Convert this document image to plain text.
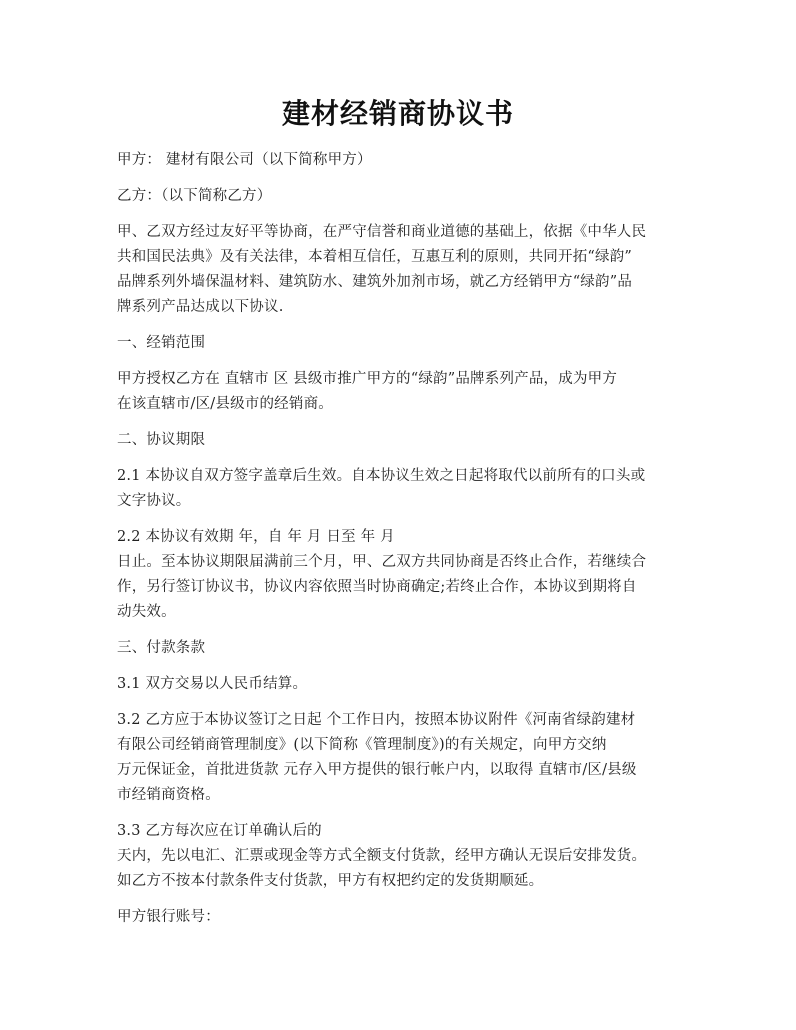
建材经销商协议书

甲方： 建材有限公司（以下简称甲方）

乙方：（以下简称乙方）

甲、乙双方经过友好平等协商，在严守信誉和商业道德的基础上，依据《中华人民
共和国民法典》及有关法律，本着相互信任，互惠互利的原则，共同开拓“绿韵”
品牌系列外墙保温材料、建筑防水、建筑外加剂市场，就乙方经销甲方“绿韵”品
牌系列产品达成以下协议.

一、经销范围

甲方授权乙方在 直辖市 区 县级市推广甲方的“绿韵”品牌系列产品，成为甲方
在该直辖市/区/县级市的经销商。

二、协议期限

2.1 本协议自双方签字盖章后生效。自本协议生效之日起将取代以前所有的口头或
文字协议。

2.2 本协议有效期 年，自 年 月 日至 年 月
日止。至本协议期限届满前三个月，甲、乙双方共同协商是否终止合作，若继续合
作，另行签订协议书，协议内容依照当时协商确定;若终止合作，本协议到期将自
动失效。

三、付款条款

3.1 双方交易以人民币结算。

3.2 乙方应于本协议签订之日起 个工作日内，按照本协议附件《河南省绿韵建材
有限公司经销商管理制度》(以下简称《管理制度》)的有关规定，向甲方交纳
万元保证金，首批进货款 元存入甲方提供的银行帐户内，以取得 直辖市/区/县级
市经销商资格。

3.3 乙方每次应在订单确认后的
天内，先以电汇、汇票或现金等方式全额支付货款，经甲方确认无误后安排发货。
如乙方不按本付款条件支付货款，甲方有权把约定的发货期顺延。

甲方银行账号：
